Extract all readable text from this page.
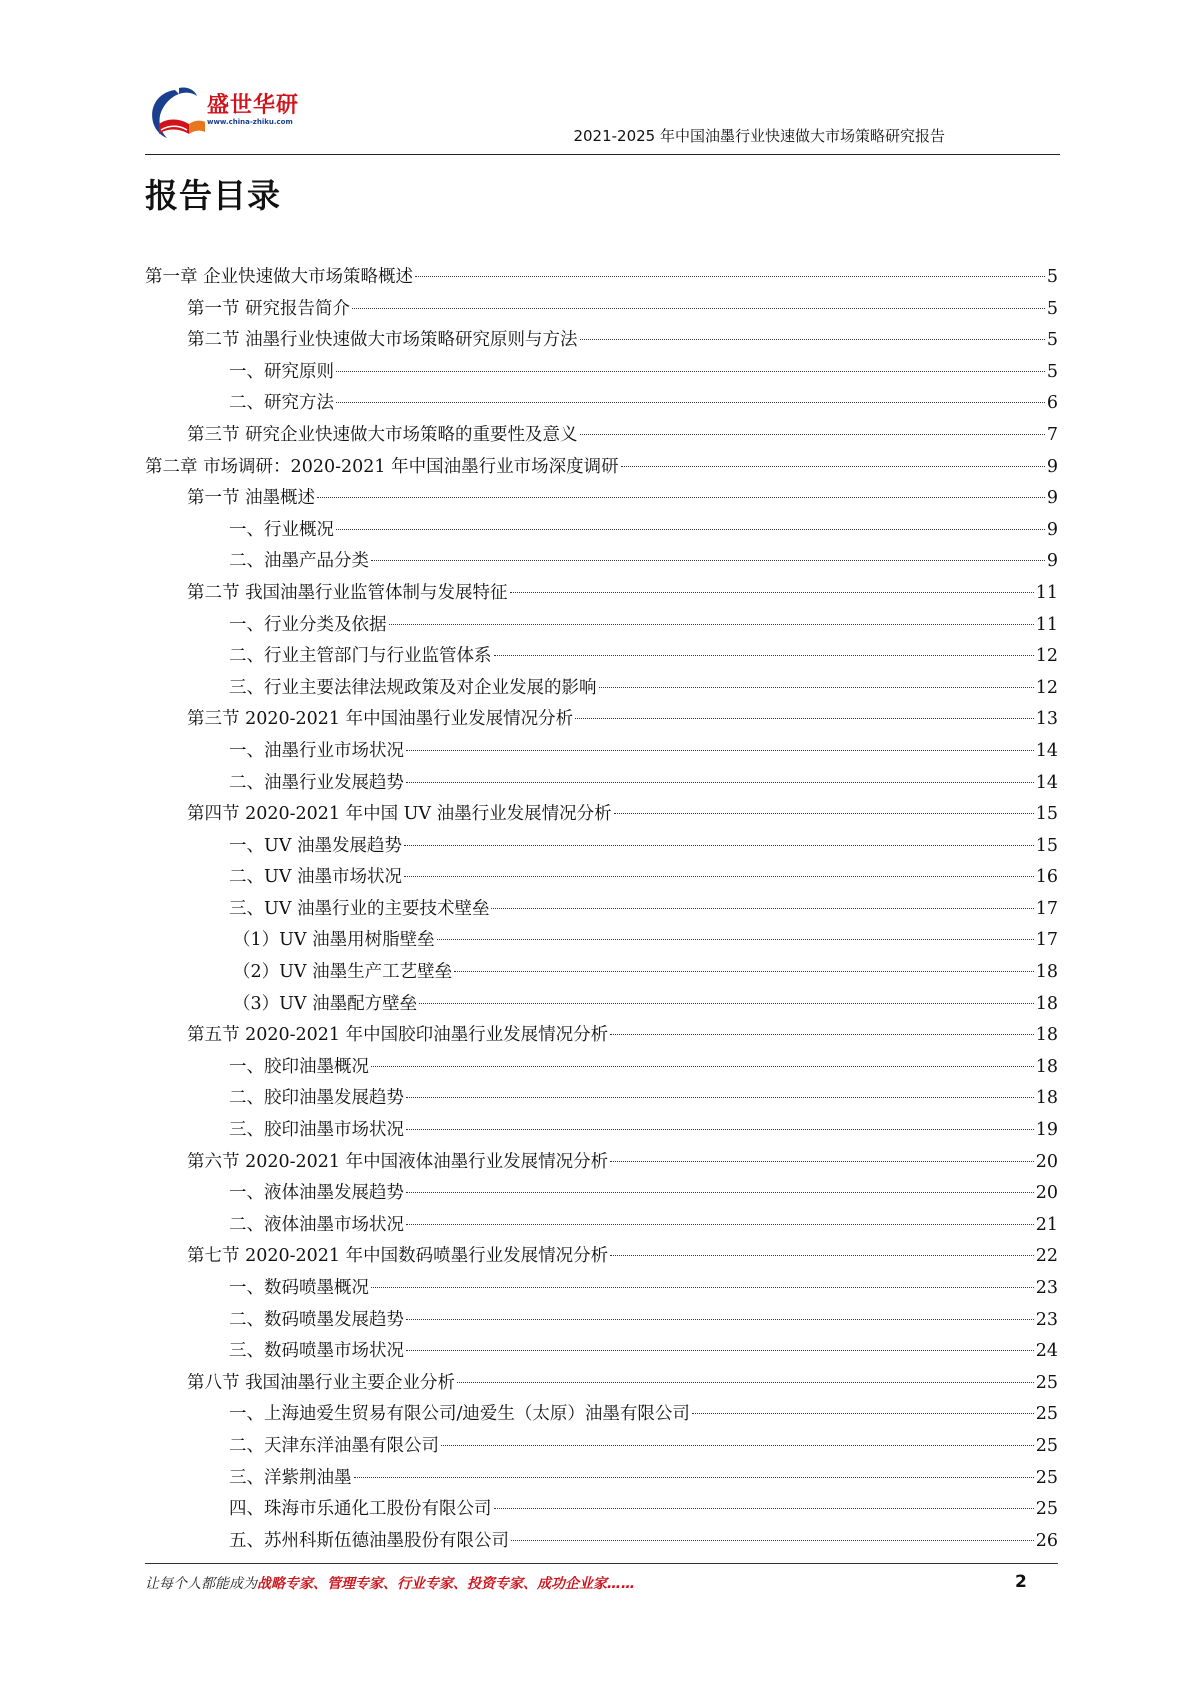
盛世华研
www.china-zhiku.com
2021-2025 年中国油墨行业快速做大市场策略研究报告
报告目录
第一章 企业快速做大市场策略概述	5
第一节 研究报告简介	5
第二节 油墨行业快速做大市场策略研究原则与方法	5
一、研究原则	5
二、研究方法	6
第三节 研究企业快速做大市场策略的重要性及意义	7
第二章 市场调研：2020-2021 年中国油墨行业市场深度调研	9
第一节 油墨概述	9
一、行业概况	9
二、油墨产品分类	9
第二节 我国油墨行业监管体制与发展特征	11
一、行业分类及依据	11
二、行业主管部门与行业监管体系	12
三、行业主要法律法规政策及对企业发展的影响	12
第三节 2020-2021 年中国油墨行业发展情况分析	13
一、油墨行业市场状况	14
二、油墨行业发展趋势	14
第四节 2020-2021 年中国 UV 油墨行业发展情况分析	15
一、UV 油墨发展趋势	15
二、UV 油墨市场状况	16
三、UV 油墨行业的主要技术壁垒	17
（1）UV 油墨用树脂壁垒	17
（2）UV 油墨生产工艺壁垒	18
（3）UV 油墨配方壁垒	18
第五节 2020-2021 年中国胶印油墨行业发展情况分析	18
一、胶印油墨概况	18
二、胶印油墨发展趋势	18
三、胶印油墨市场状况	19
第六节 2020-2021 年中国液体油墨行业发展情况分析	20
一、液体油墨发展趋势	20
二、液体油墨市场状况	21
第七节 2020-2021 年中国数码喷墨行业发展情况分析	22
一、数码喷墨概况	23
二、数码喷墨发展趋势	23
三、数码喷墨市场状况	24
第八节 我国油墨行业主要企业分析	25
一、上海迪爱生贸易有限公司/迪爱生（太原）油墨有限公司	25
二、天津东洋油墨有限公司	25
三、洋紫荆油墨	25
四、珠海市乐通化工股份有限公司	25
五、苏州科斯伍德油墨股份有限公司	26
让每个人都能成为战略专家、管理专家、行业专家、投资专家、成功企业家……	2
